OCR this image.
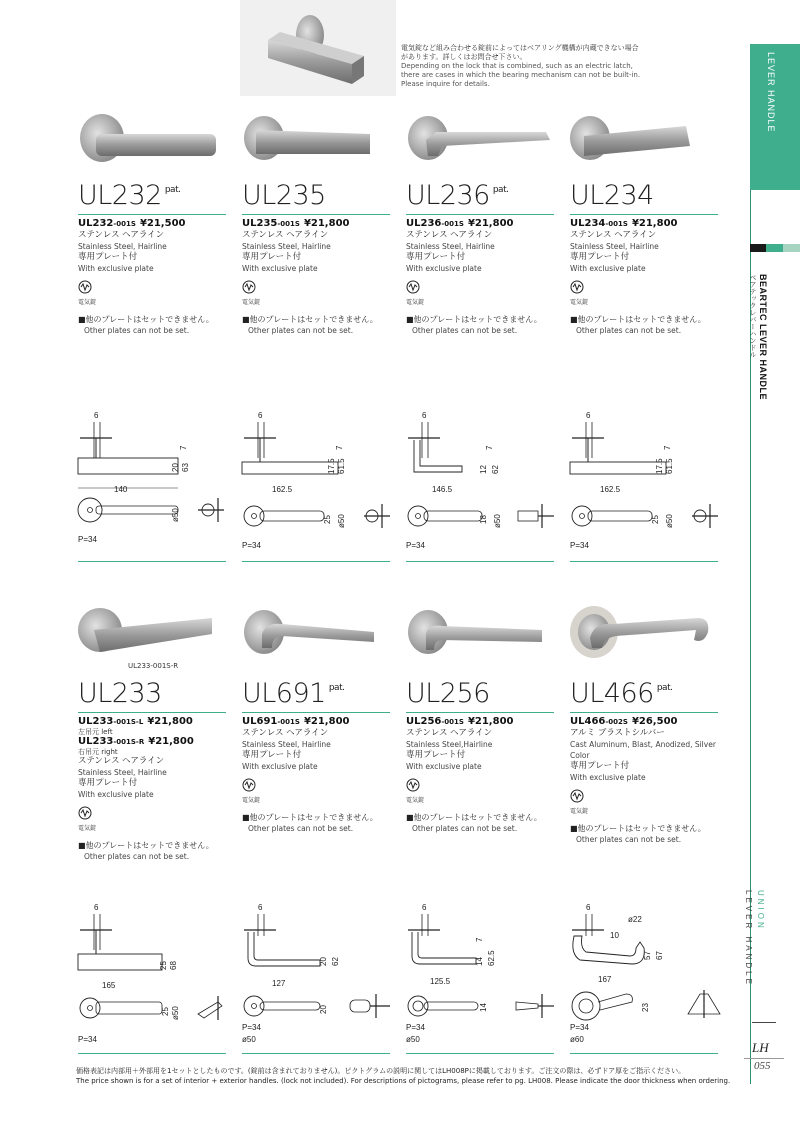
電気錠など組み合わせる錠前によってはベアリング機構が内蔵できない場合があります。詳しくはお問合せ下さい。
Depending on the lock that is combined, such as an electric latch, there are cases in which the bearing mechanism can not be built-in. Please inquire for details.	LEVER HANDLE
BEARTEC LEVER HANDLE
ベアテックレバーハンドル
UNION
LEVER HANDLE
LH
055
UL232 $^{pat.}$
UL232-001S ¥21,500
ステンレス ヘアライン
Stainless Steel, Hairline
専用プレート付
With exclusive plate
電気錠
■他のプレートはセットできません。
Other plates can not be set.
UL235
UL235-001S ¥21,800
ステンレス ヘアライン
Stainless Steel, Hairline
専用プレート付
With exclusive plate
電気錠
■他のプレートはセットできません。
Other plates can not be set.
UL236 $^{pat.}$
UL236-001S ¥21,800
ステンレス ヘアライン
Stainless Steel, Hairline
専用プレート付
With exclusive plate
電気錠
■他のプレートはセットできません。
Other plates can not be set.
UL234
UL234-001S ¥21,800
ステンレス ヘアライン
Stainless Steel, Hairline
専用プレート付
With exclusive plate
電気錠
■他のプレートはセットできません。
Other plates can not be set.
6
7
20 63
140
ø50
P=34
6
7
17.5 61.5
162.5
25 ø50
P=34
6
7
12 62
146.5
18 ø50
P=34
6
7
17.5 61.5
162.5
25 ø50
P=34
UL233
UL233-001S-L ¥21,800
左吊元 left
UL233-001S-R ¥21,800
右吊元 right
ステンレス ヘアライン
Stainless Steel, Hairline
専用プレート付
With exclusive plate
電気錠
■他のプレートはセットできません。
Other plates can not be set.
UL233-001S-R
UL691 $^{pat.}$
UL691-001S ¥21,800
ステンレス ヘアライン
Stainless Steel, Hairline
専用プレート付
With exclusive plate
電気錠
■他のプレートはセットできません。
Other plates can not be set.
UL256
UL256-001S ¥21,800
ステンレス ヘアライン
Stainless Steel,Hairline
専用プレート付
With exclusive plate
電気錠
■他のプレートはセットできません。
Other plates can not be set.
UL466 $^{pat.}$
UL466-002S ¥26,500
アルミ ブラストシルバー
Cast Aluminum, Blast, Anodized, Silver Color
専用プレート付
With exclusive plate
電気錠
■他のプレートはセットできません。
Other plates can not be set.
6
25 68
165
25 ø50
P=34
6
20 62
127
20
P=34
ø50
6
7
14 62.5
125.5
14
P=34
ø50
6
ø22
10
57 67
167
23
P=34
ø60
価格表記は内部用＋外部用を1セットとしたものです。(錠前は含まれておりません)。ピクトグラムの説明に関してはLH008Pに掲載しております。ご注文の際は、必ずドア厚をご指示ください。
The price shown is for a set of interior + exterior handles. (lock not included). For descriptions of pictograms, please refer to pg. LH008. Please indicate the door thickness when ordering.
